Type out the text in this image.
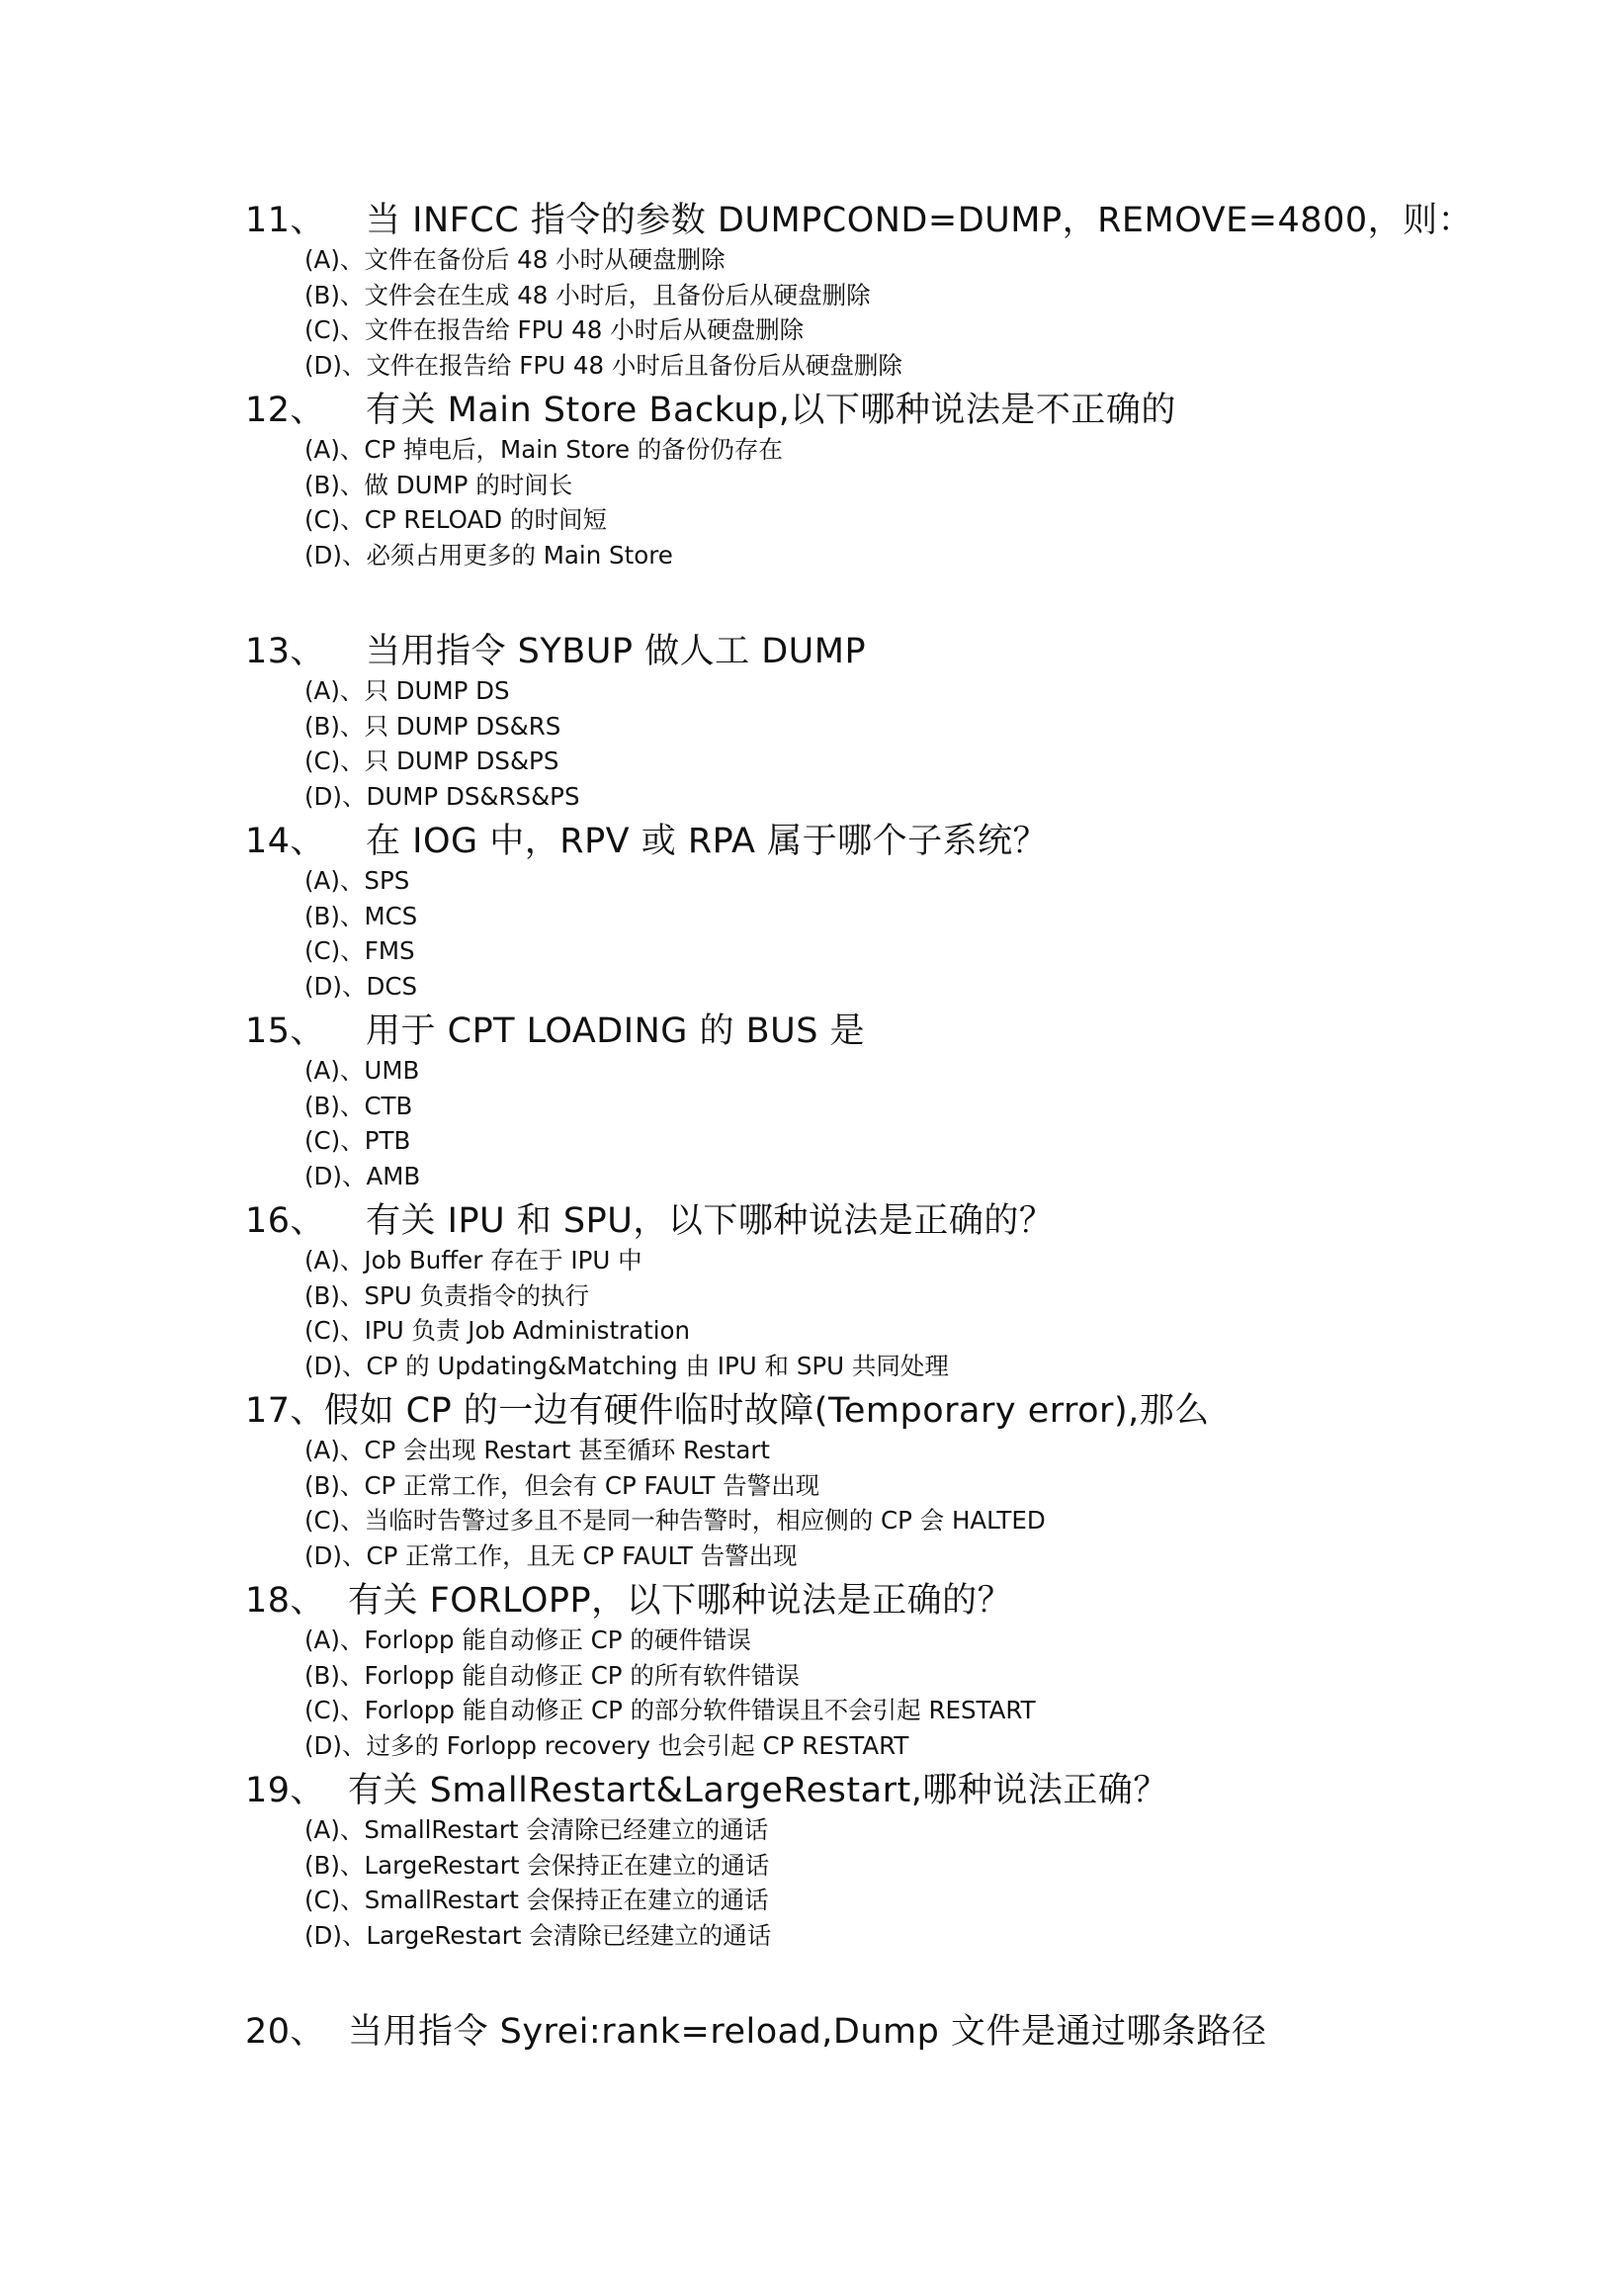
11、 当 INFCC 指令的参数 DUMPCOND=DUMP，REMOVE=4800，则：
(A)、文件在备份后 48 小时从硬盘删除
(B)、文件会在生成 48 小时后，且备份后从硬盘删除
(C)、文件在报告给 FPU 48 小时后从硬盘删除
(D)、文件在报告给 FPU 48 小时后且备份后从硬盘删除
12、 有关 Main Store Backup,以下哪种说法是不正确的
(A)、CP 掉电后，Main Store 的备份仍存在
(B)、做 DUMP 的时间长
(C)、CP RELOAD 的时间短
(D)、必须占用更多的 Main Store
13、 当用指令 SYBUP 做人工 DUMP
(A)、只 DUMP DS
(B)、只 DUMP DS&RS
(C)、只 DUMP DS&PS
(D)、DUMP DS&RS&PS
14、 在 IOG 中，RPV 或 RPA 属于哪个子系统？
(A)、SPS
(B)、MCS
(C)、FMS
(D)、DCS
15、 用于 CPT LOADING 的 BUS 是
(A)、UMB
(B)、CTB
(C)、PTB
(D)、AMB
16、 有关 IPU 和 SPU，以下哪种说法是正确的？
(A)、Job Buffer 存在于 IPU 中
(B)、SPU 负责指令的执行
(C)、IPU 负责 Job Administration
(D)、CP 的 Updating&Matching 由 IPU 和 SPU 共同处理
17、假如 CP 的一边有硬件临时故障(Temporary error),那么
(A)、CP 会出现 Restart 甚至循环 Restart
(B)、CP 正常工作，但会有 CP FAULT 告警出现
(C)、当临时告警过多且不是同一种告警时，相应侧的 CP 会 HALTED
(D)、CP 正常工作，且无 CP FAULT 告警出现
18、 有关 FORLOPP，以下哪种说法是正确的？
(A)、Forlopp 能自动修正 CP 的硬件错误
(B)、Forlopp 能自动修正 CP 的所有软件错误
(C)、Forlopp 能自动修正 CP 的部分软件错误且不会引起 RESTART
(D)、过多的 Forlopp recovery 也会引起 CP RESTART
19、 有关 SmallRestart&LargeRestart,哪种说法正确？
(A)、SmallRestart 会清除已经建立的通话
(B)、LargeRestart 会保持正在建立的通话
(C)、SmallRestart 会保持正在建立的通话
(D)、LargeRestart 会清除已经建立的通话
20、 当用指令 Syrei:rank=reload,Dump 文件是通过哪条路径
